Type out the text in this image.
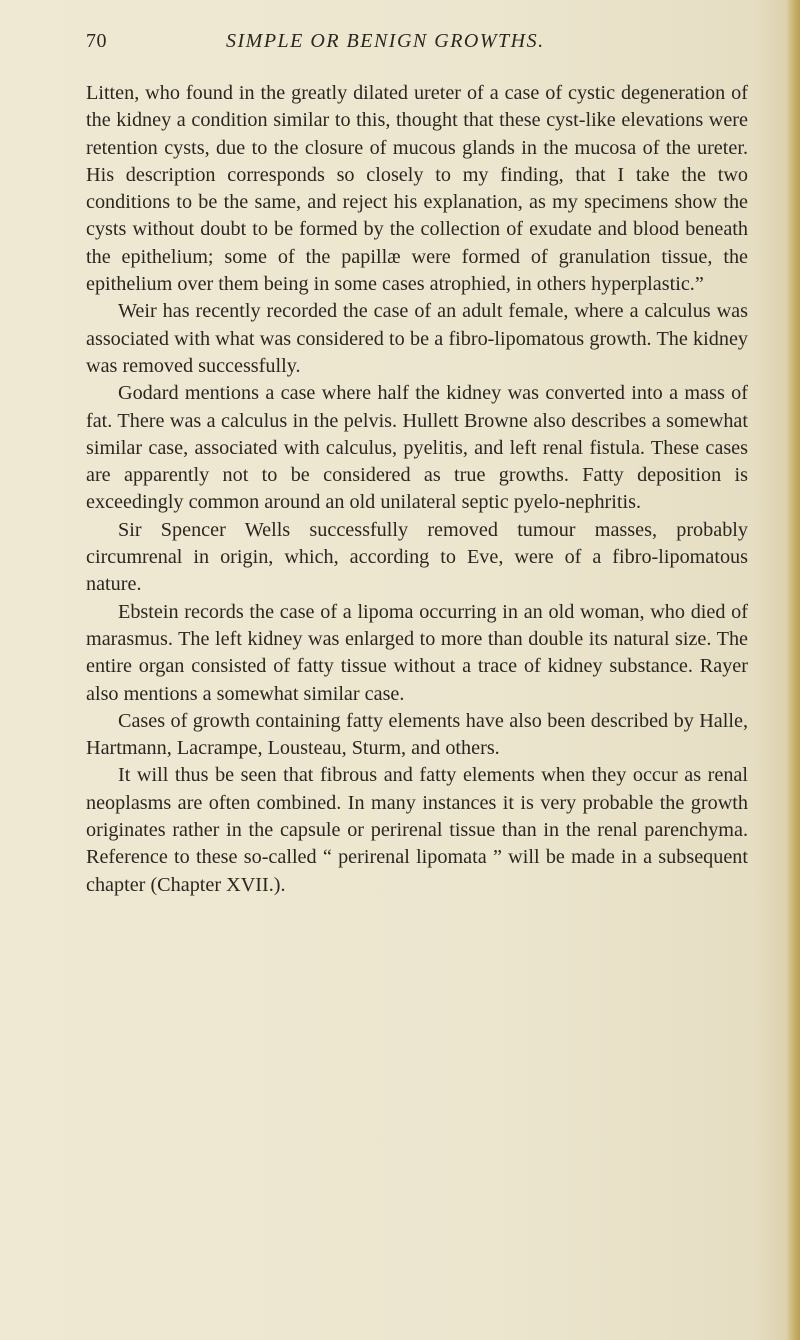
70	SIMPLE OR BENIGN GROWTHS.

Litten, who found in the greatly dilated ureter of a case of cystic degeneration of the kidney a condition similar to this, thought that these cyst-like elevations were retention cysts, due to the closure of mucous glands in the mucosa of the ureter. His description corresponds so closely to my finding, that I take the two conditions to be the same, and reject his explanation, as my specimens show the cysts without doubt to be formed by the collection of exudate and blood beneath the epithelium; some of the papillæ were formed of granulation tissue, the epithelium over them being in some cases atrophied, in others hyperplastic.”

Weir has recently recorded the case of an adult female, where a calculus was associated with what was considered to be a fibro-lipomatous growth. The kidney was removed successfully.

Godard mentions a case where half the kidney was converted into a mass of fat. There was a calculus in the pelvis. Hullett Browne also describes a somewhat similar case, associated with calculus, pyelitis, and left renal fistula. These cases are apparently not to be considered as true growths. Fatty deposition is exceedingly common around an old unilateral septic pyelo-nephritis.

Sir Spencer Wells successfully removed tumour masses, probably circumrenal in origin, which, according to Eve, were of a fibro-lipomatous nature.

Ebstein records the case of a lipoma occurring in an old woman, who died of marasmus. The left kidney was enlarged to more than double its natural size. The entire organ consisted of fatty tissue without a trace of kidney substance. Rayer also mentions a somewhat similar case.

Cases of growth containing fatty elements have also been described by Halle, Hartmann, Lacrampe, Lousteau, Sturm, and others.

It will thus be seen that fibrous and fatty elements when they occur as renal neoplasms are often combined. In many instances it is very probable the growth originates rather in the capsule or perirenal tissue than in the renal parenchyma. Reference to these so-called “ perirenal lipomata ” will be made in a subsequent chapter (Chapter XVII.).
